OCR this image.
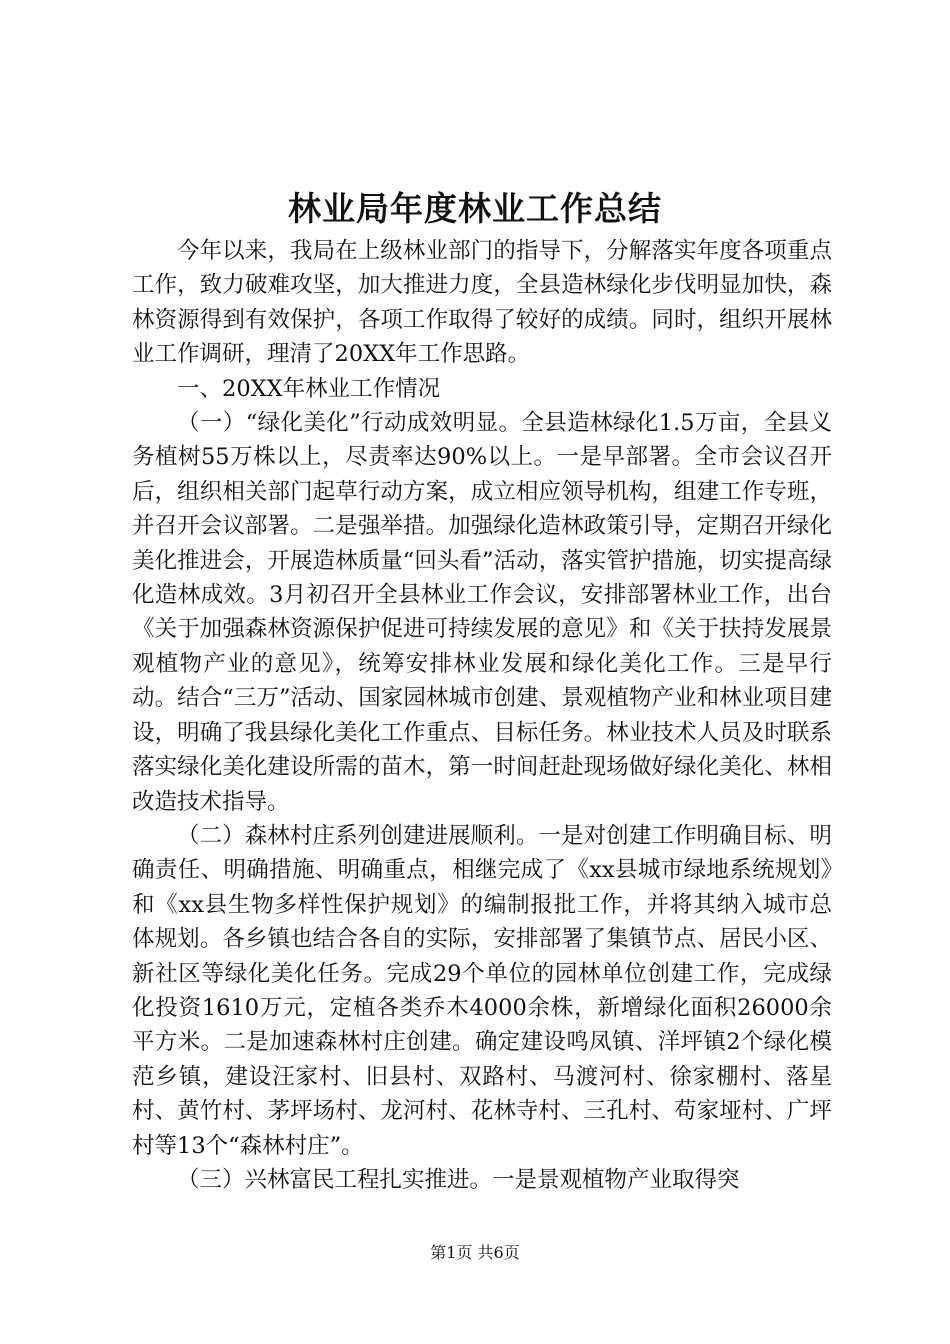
林业局年度林业工作总结

今年以来，我局在上级林业部门的指导下，分解落实年度各项重点工作，致力破难攻坚，加大推进力度，全县造林绿化步伐明显加快，森林资源得到有效保护，各项工作取得了较好的成绩。同时，组织开展林业工作调研，理清了20XX年工作思路。

一、20XX年林业工作情况

（一）“绿化美化”行动成效明显。全县造林绿化1.5万亩，全县义务植树55万株以上，尽责率达90%以上。一是早部署。全市会议召开后，组织相关部门起草行动方案，成立相应领导机构，组建工作专班，并召开会议部署。二是强举措。加强绿化造林政策引导，定期召开绿化美化推进会，开展造林质量“回头看”活动，落实管护措施，切实提高绿化造林成效。3月初召开全县林业工作会议，安排部署林业工作，出台《关于加强森林资源保护促进可持续发展的意见》和《关于扶持发展景观植物产业的意见》，统筹安排林业发展和绿化美化工作。三是早行动。结合“三万”活动、国家园林城市创建、景观植物产业和林业项目建设，明确了我县绿化美化工作重点、目标任务。林业技术人员及时联系落实绿化美化建设所需的苗木，第一时间赶赴现场做好绿化美化、林相改造技术指导。

（二）森林村庄系列创建进展顺利。一是对创建工作明确目标、明确责任、明确措施、明确重点，相继完成了《xx县城市绿地系统规划》和《xx县生物多样性保护规划》的编制报批工作，并将其纳入城市总体规划。各乡镇也结合各自的实际，安排部署了集镇节点、居民小区、新社区等绿化美化任务。完成29个单位的园林单位创建工作，完成绿化投资1610万元，定植各类乔木4000余株，新增绿化面积26000余平方米。二是加速森林村庄创建。确定建设鸣凤镇、洋坪镇2个绿化模范乡镇，建设汪家村、旧县村、双路村、马渡河村、徐家棚村、落星村、黄竹村、茅坪场村、龙河村、花林寺村、三孔村、苟家垭村、广坪村等13个“森林村庄”。

（三）兴林富民工程扎实推进。一是景观植物产业取得突

第1页 共6页
